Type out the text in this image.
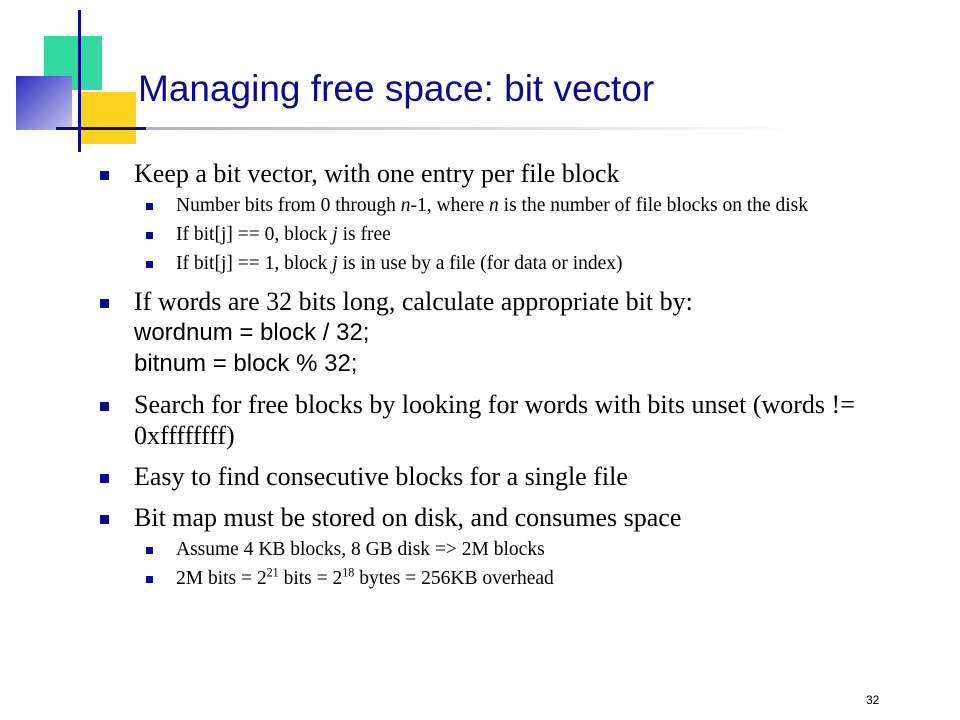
Managing free space: bit vector
Keep a bit vector, with one entry per file block
Number bits from 0 through n-1, where n is the number of file blocks on the disk
If bit[j] == 0, block j is free
If bit[j] == 1, block j is in use by a file (for data or index)
If words are 32 bits long, calculate appropriate bit by:
wordnum = block / 32;
bitnum = block % 32;
Search for free blocks by looking for words with bits unset (words != 0xffffffff)
Easy to find consecutive blocks for a single file
Bit map must be stored on disk, and consumes space
Assume 4 KB blocks, 8 GB disk => 2M blocks
2M bits = $2^{21}$ bits = $2^{18}$ bytes = 256KB overhead
32
